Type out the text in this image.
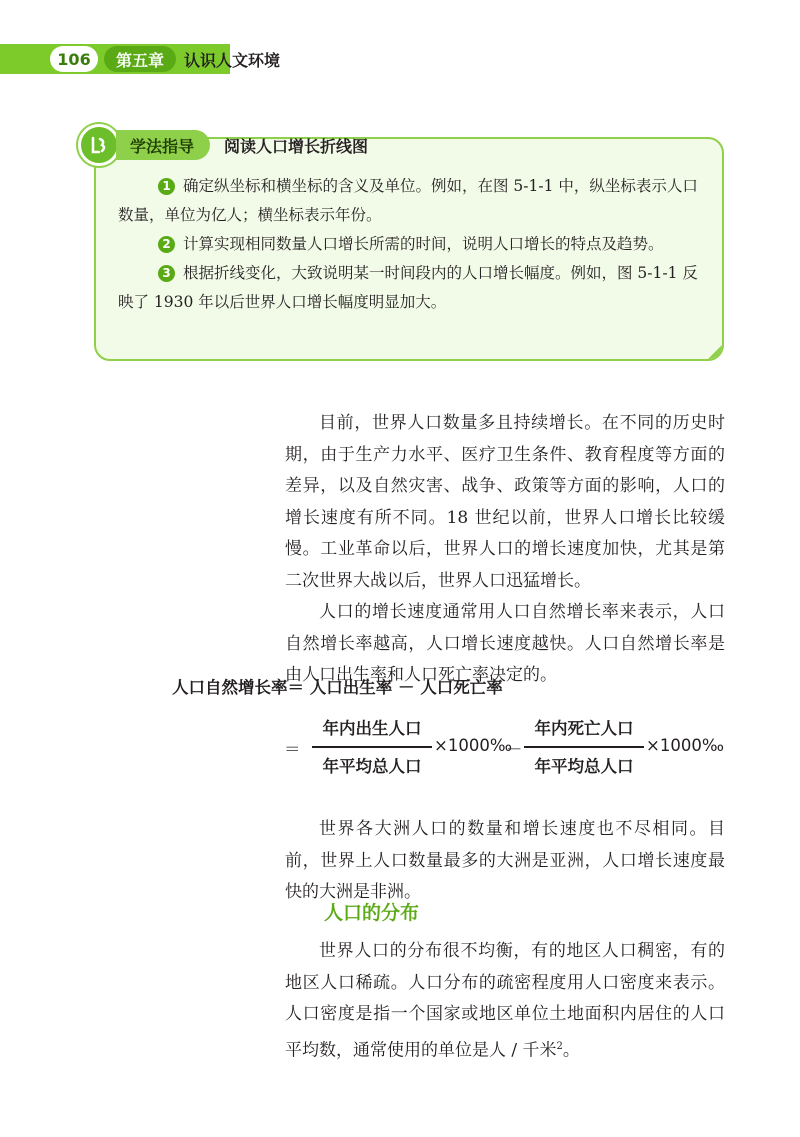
106	第五章	认识人文环境
学法指导	阅读人口增长折线图
1 确定纵坐标和横坐标的含义及单位。例如，在图 5-1-1 中，纵坐标表示人口数量，单位为亿人；横坐标表示年份。
2 计算实现相同数量人口增长所需的时间，说明人口增长的特点及趋势。
3 根据折线变化，大致说明某一时间段内的人口增长幅度。例如，图 5-1-1 反映了 1930 年以后世界人口增长幅度明显加大。

目前，世界人口数量多且持续增长。在不同的历史时期，由于生产力水平、医疗卫生条件、教育程度等方面的差异，以及自然灾害、战争、政策等方面的影响，人口的增长速度有所不同。18 世纪以前，世界人口增长比较缓慢。工业革命以后，世界人口的增长速度加快，尤其是第二次世界大战以后，世界人口迅猛增长。

人口的增长速度通常用人口自然增长率来表示，人口自然增长率越高，人口增长速度越快。人口自然增长率是由人口出生率和人口死亡率决定的。

人口自然增长率＝ 人口出生率 － 人口死亡率
＝
年内出生人口
年平均总人口
×1000‰
－
年内死亡人口
年平均总人口
×1000‰

世界各大洲人口的数量和增长速度也不尽相同。目前，世界上人口数量最多的大洲是亚洲，人口增长速度最快的大洲是非洲。

人口的分布

世界人口的分布很不均衡，有的地区人口稠密，有的地区人口稀疏。人口分布的疏密程度用人口密度来表示。人口密度是指一个国家或地区单位土地面积内居住的人口平均数，通常使用的单位是人 / 千米$^2$。
